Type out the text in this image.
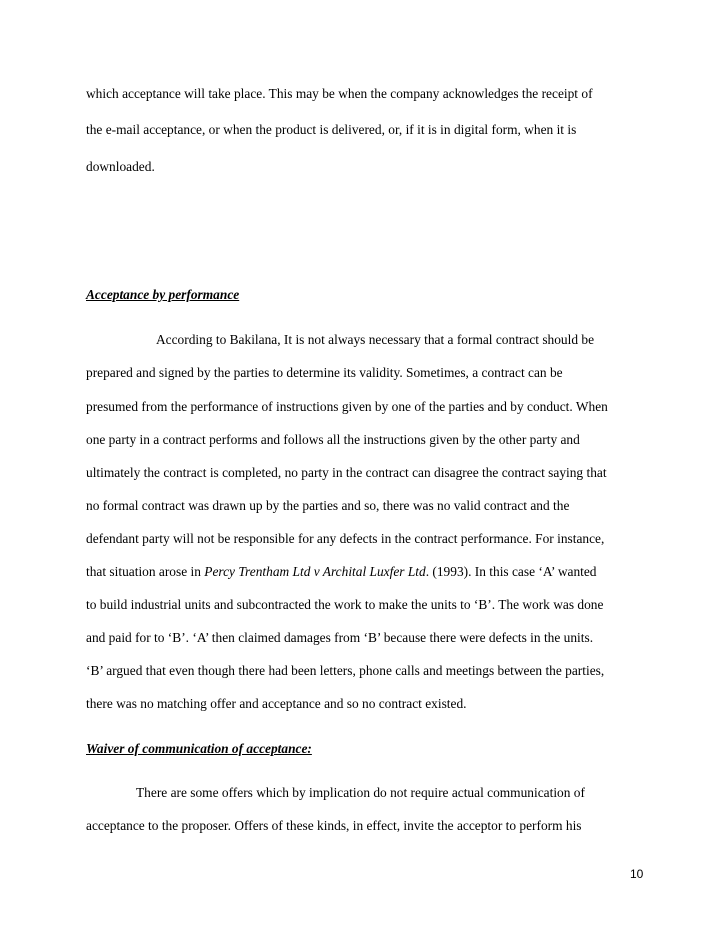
which acceptance will take place. This may be when the company acknowledges the receipt of
the e-mail acceptance, or when the product is delivered, or, if it is in digital form, when it is
downloaded.
Acceptance by performance
According to Bakilana, It is not always necessary that a formal contract should be
prepared and signed by the parties to determine its validity. Sometimes, a contract can be
presumed from the performance of instructions given by one of the parties and by conduct. When
one party in a contract performs and follows all the instructions given by the other party and
ultimately the contract is completed, no party in the contract can disagree the contract saying that
no formal contract was drawn up by the parties and so, there was no valid contract and the
defendant party will not be responsible for any defects in the contract performance. For instance,
that situation arose in Percy Trentham Ltd v Archital Luxfer Ltd. (1993). In this case ‘A’ wanted
to build industrial units and subcontracted the work to make the units to ‘B’. The work was done
and paid for to ‘B’. ‘A’ then claimed damages from ‘B’ because there were defects in the units.
‘B’ argued that even though there had been letters, phone calls and meetings between the parties,
there was no matching offer and acceptance and so no contract existed.
Waiver of communication of acceptance:
There are some offers which by implication do not require actual communication of
acceptance to the proposer. Offers of these kinds, in effect, invite the acceptor to perform his
10
